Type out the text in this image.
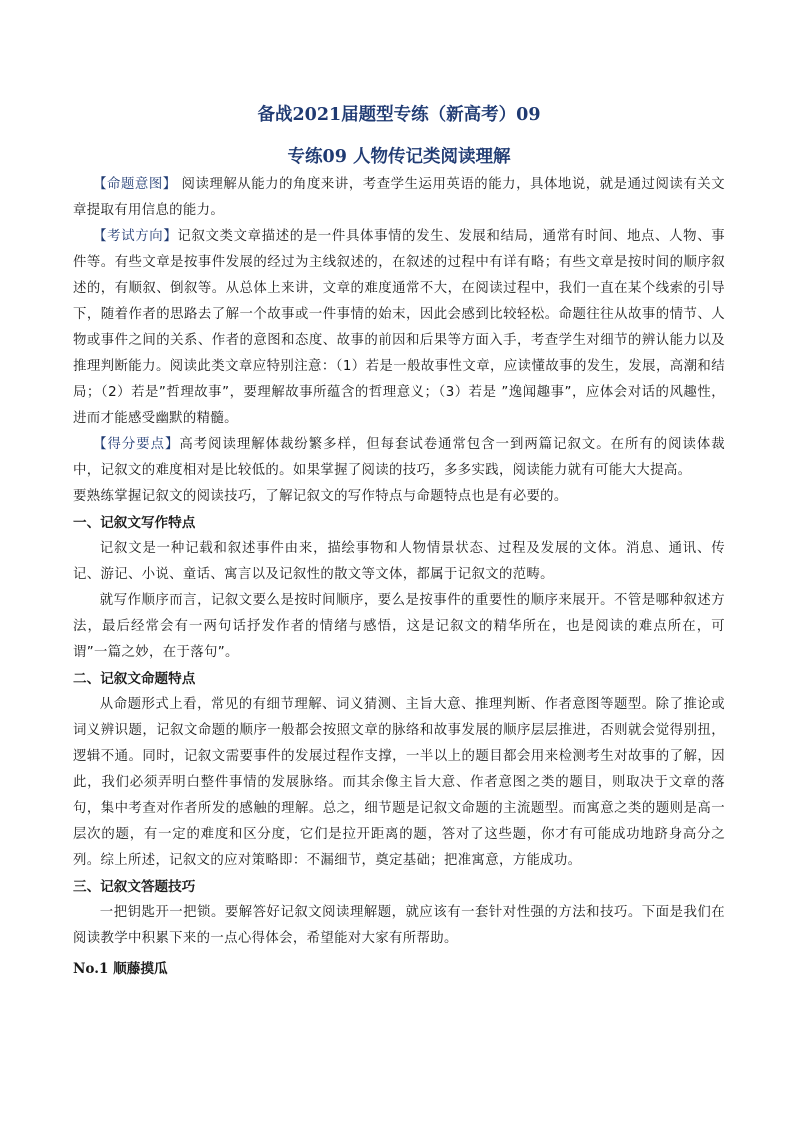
备战2021届题型专练（新高考）09
专练09 人物传记类阅读理解

【命题意图】 阅读理解从能力的角度来讲，考查学生运用英语的能力，具体地说，就是通过阅读有关文章提取有用信息的能力。

【考试方向】记叙文类文章描述的是一件具体事情的发生、发展和结局，通常有时间、地点、人物、事件等。有些文章是按事件发展的经过为主线叙述的，在叙述的过程中有详有略；有些文章是按时间的顺序叙述的，有顺叙、倒叙等。从总体上来讲，文章的难度通常不大，在阅读过程中，我们一直在某个线索的引导下，随着作者的思路去了解一个故事或一件事情的始末，因此会感到比较轻松。命题往往从故事的情节、人物或事件之间的关系、作者的意图和态度、故事的前因和后果等方面入手，考查学生对细节的辨认能力以及推理判断能力。阅读此类文章应特别注意：（1）若是一般故事性文章，应读懂故事的发生，发展，高潮和结局；（2）若是”哲理故事”，要理解故事所蕴含的哲理意义；（3）若是 ”逸闻趣事”，应体会对话的风趣性，进而才能感受幽默的精髓。

【得分要点】高考阅读理解体裁纷繁多样，但每套试卷通常包含一到两篇记叙文。在所有的阅读体裁中，记叙文的难度相对是比较低的。如果掌握了阅读的技巧，多多实践，阅读能力就有可能大大提高。

要熟练掌握记叙文的阅读技巧，了解记叙文的写作特点与命题特点也是有必要的。

一、记叙文写作特点

记叙文是一种记载和叙述事件由来，描绘事物和人物情景状态、过程及发展的文体。消息、通讯、传记、游记、小说、童话、寓言以及记叙性的散文等文体，都属于记叙文的范畴。

就写作顺序而言，记叙文要么是按时间顺序，要么是按事件的重要性的顺序来展开。不管是哪种叙述方法，最后经常会有一两句话抒发作者的情绪与感悟，这是记叙文的精华所在，也是阅读的难点所在，可谓”一篇之妙，在于落句”。

二、记叙文命题特点

从命题形式上看，常见的有细节理解、词义猜测、主旨大意、推理判断、作者意图等题型。除了推论或词义辨识题，记叙文命题的顺序一般都会按照文章的脉络和故事发展的顺序层层推进，否则就会觉得别扭，逻辑不通。同时，记叙文需要事件的发展过程作支撑，一半以上的题目都会用来检测考生对故事的了解，因此，我们必须弄明白整件事情的发展脉络。而其余像主旨大意、作者意图之类的题目，则取决于文章的落句，集中考查对作者所发的感触的理解。总之，细节题是记叙文命题的主流题型。而寓意之类的题则是高一层次的题，有一定的难度和区分度，它们是拉开距离的题，答对了这些题，你才有可能成功地跻身高分之列。综上所述，记叙文的应对策略即：不漏细节，奠定基础；把准寓意，方能成功。

三、记叙文答题技巧

一把钥匙开一把锁。要解答好记叙文阅读理解题，就应该有一套针对性强的方法和技巧。下面是我们在阅读教学中积累下来的一点心得体会，希望能对大家有所帮助。

No.1 顺藤摸瓜
